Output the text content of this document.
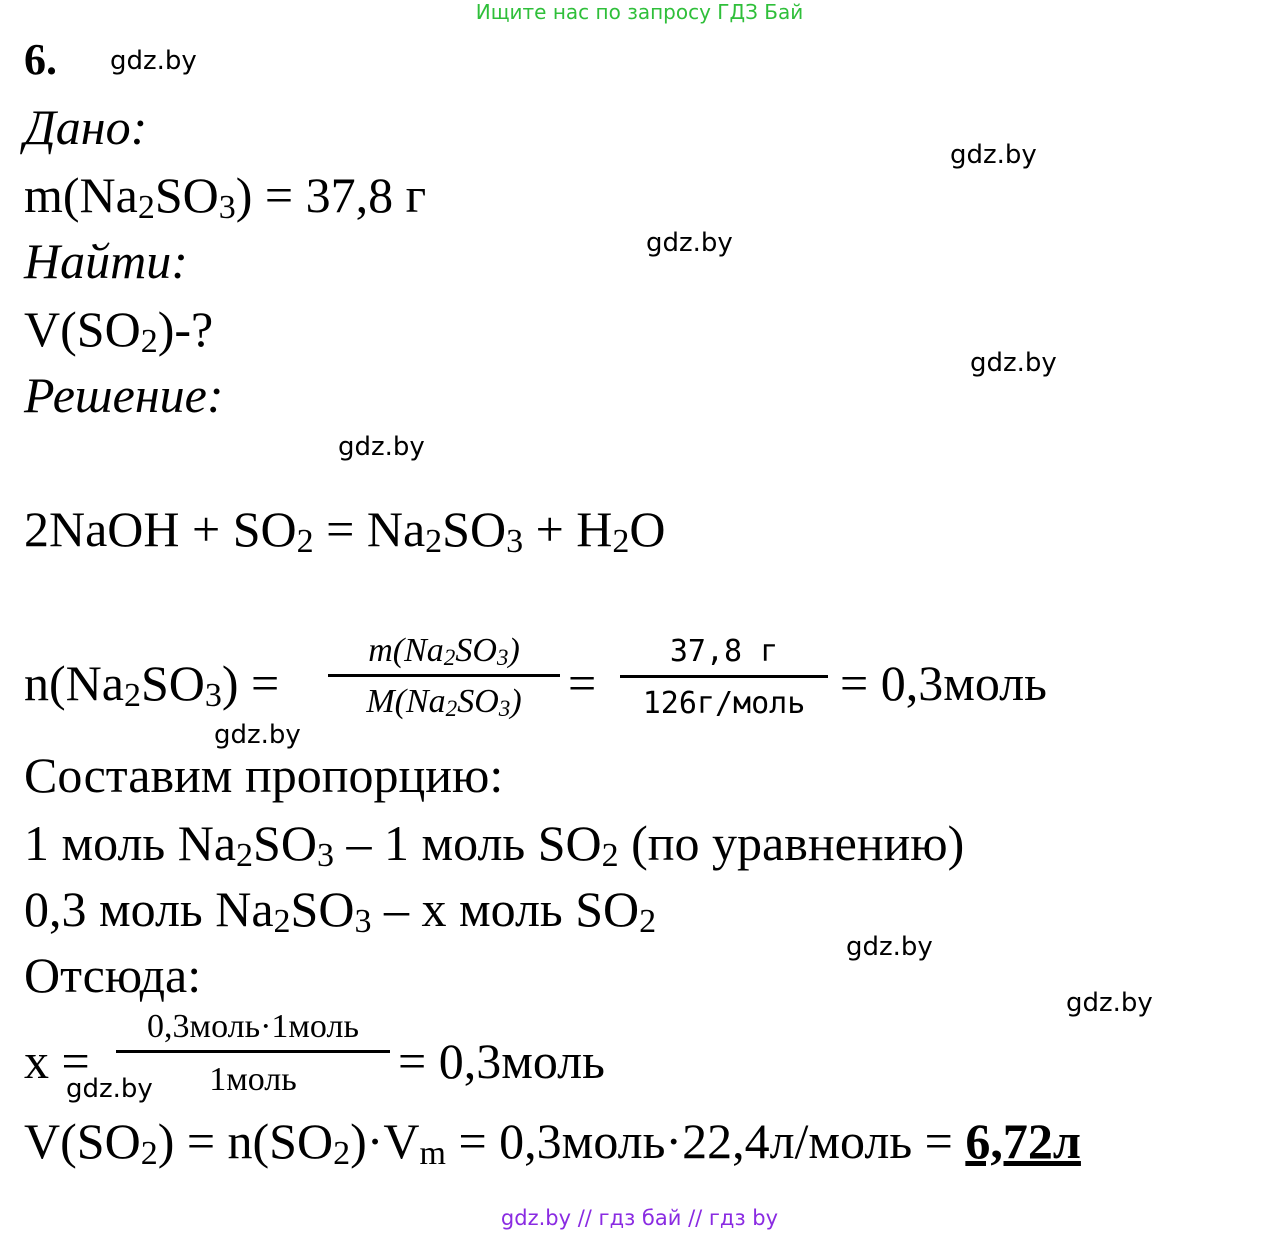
Ищите нас по запросу ГДЗ Бай
6. gdz.by
gdz.by
gdz.by
gdz.by
gdz.by
gdz.by
gdz.by
gdz.by
gdz.by
Дано:
$m(Na_2SO_3) = 37,8$ г
Найти:
$V(SO_2)-$?
Решение:
2NaOH + $SO_2 = Na_2SO_3 + H_2O$
$n(Na_2SO_3)$ =
$m(Na_2SO_3)$
$M(Na_2SO_3)$ =
37,8 г
126г/моль = 0,3моль
Составим пропорцию:
1 моль $Na_2SO_3 - 1$ моль $SO_2$ (по уравнению)
0,3 моль $Na_2SO_3$ – x моль $SO_2$
Отсюда:
x =
0,3моль·1моль
1моль	= 0,3моль
$V(SO_2) = n(SO_2)\cdot V_m$ = 0,3моль·22,4л/моль = 6,72л
gdz.by // гдз бай // гдз by
